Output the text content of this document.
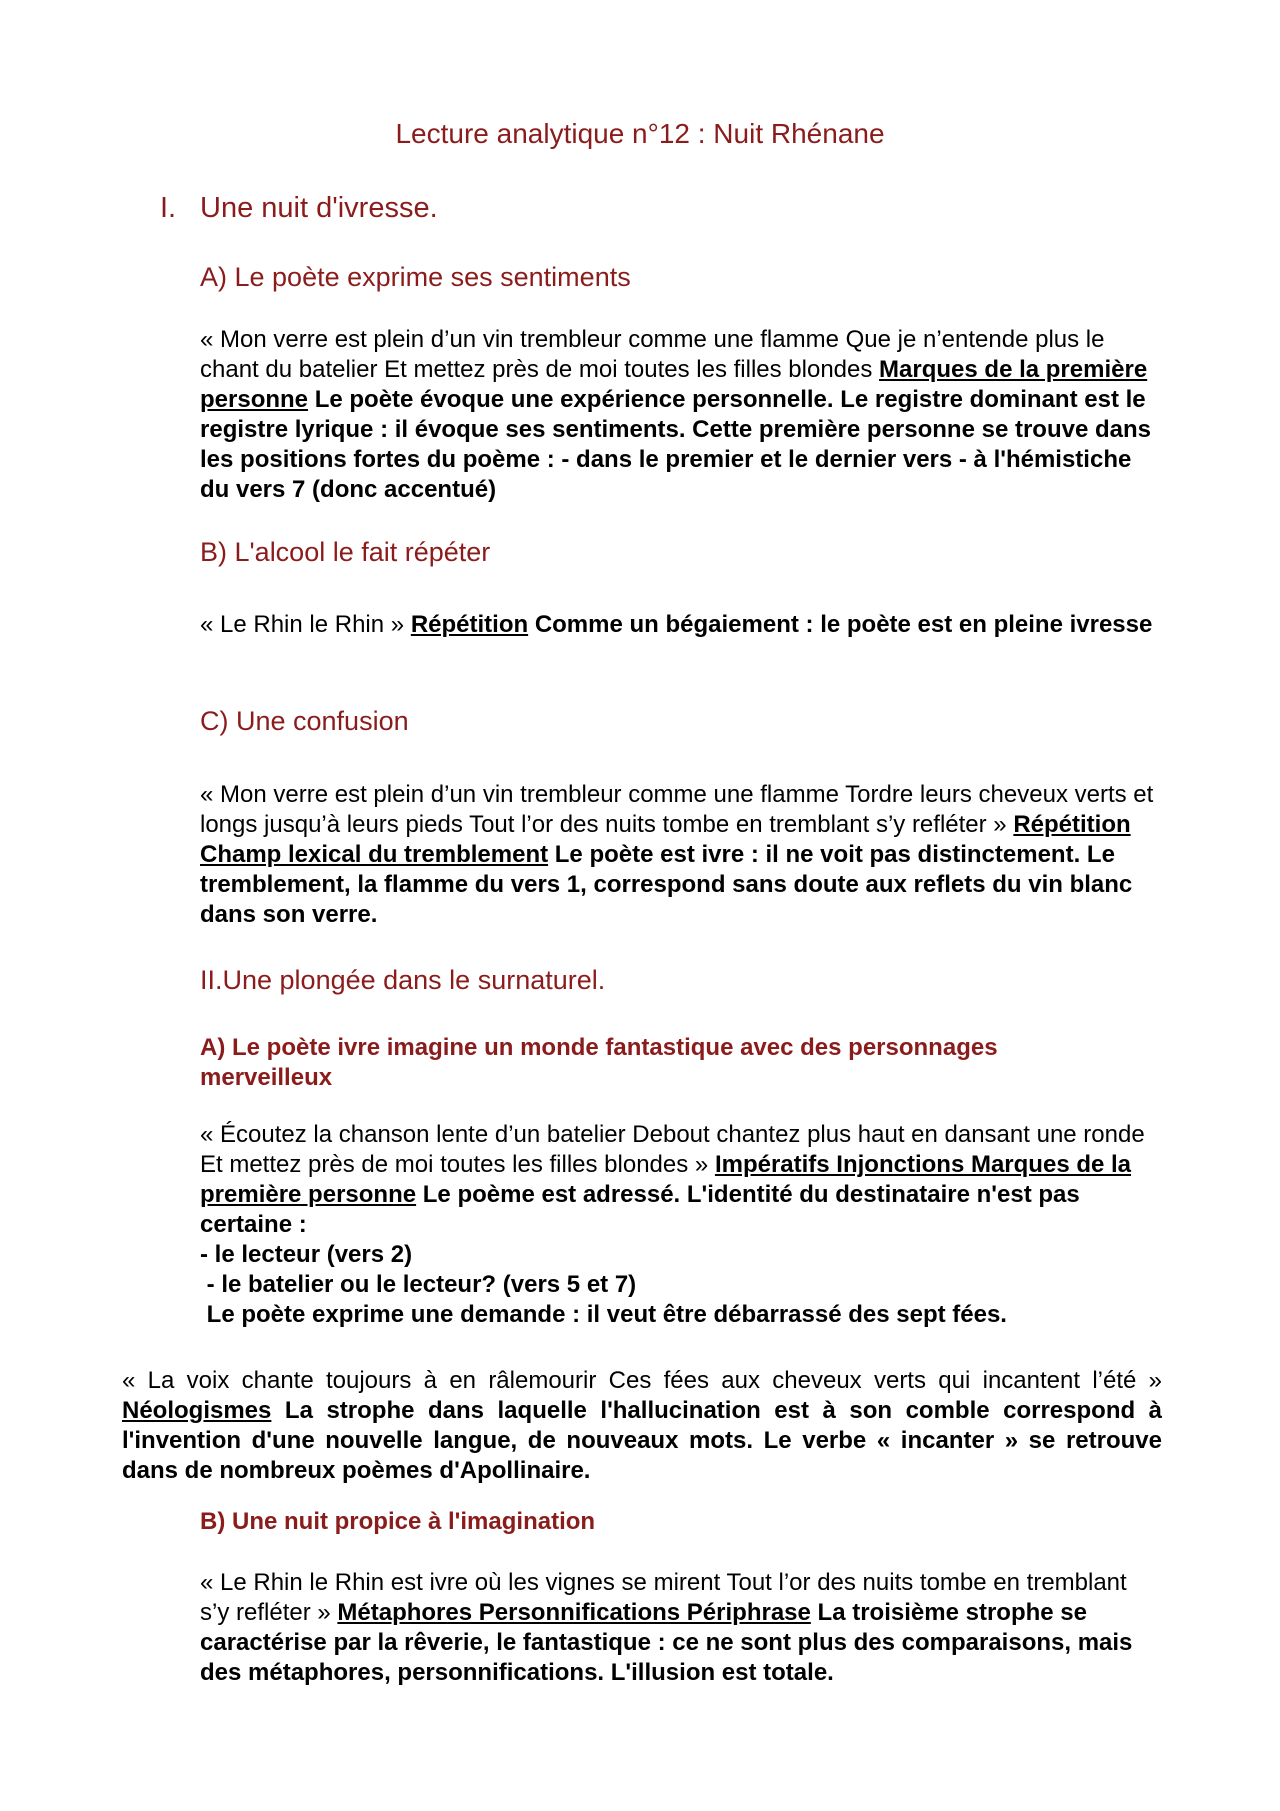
Lecture analytique n°12 : Nuit Rhénane
I. Une nuit d'ivresse.
A) Le poète exprime ses sentiments
« Mon verre est plein d’un vin trembleur comme une flamme Que je n’entende plus le chant du batelier Et mettez près de moi toutes les filles blondes Marques de la première personne Le poète évoque une expérience personnelle. Le registre dominant est le registre lyrique : il évoque ses sentiments. Cette première personne se trouve dans les positions fortes du poème : - dans le premier et le dernier vers - à l'hémistiche du vers 7 (donc accentué)
B) L'alcool le fait répéter
« Le Rhin le Rhin » Répétition Comme un bégaiement : le poète est en pleine ivresse
C) Une confusion
« Mon verre est plein d’un vin trembleur comme une flamme Tordre leurs cheveux verts et longs jusqu’à leurs pieds Tout l’or des nuits tombe en tremblant s’y refléter » Répétition Champ lexical du tremblement Le poète est ivre : il ne voit pas distinctement. Le tremblement, la flamme du vers 1, correspond sans doute aux reflets du vin blanc dans son verre.
II.Une plongée dans le surnaturel.
A) Le poète ivre imagine un monde fantastique avec des personnages merveilleux
« Écoutez la chanson lente d’un batelier Debout chantez plus haut en dansant une ronde Et mettez près de moi toutes les filles blondes » Impératifs Injonctions Marques de la première personne Le poème est adressé. L'identité du destinataire n'est pas certaine :
- le lecteur (vers 2)
- le batelier ou le lecteur? (vers 5 et 7)
Le poète exprime une demande : il veut être débarrassé des sept fées.
« La voix chante toujours à en râlemourir Ces fées aux cheveux verts qui incantent l’été » Néologismes La strophe dans laquelle l'hallucination est à son comble correspond à l'invention d'une nouvelle langue, de nouveaux mots. Le verbe « incanter » se retrouve dans de nombreux poèmes d'Apollinaire.
B) Une nuit propice à l'imagination
« Le Rhin le Rhin est ivre où les vignes se mirent Tout l’or des nuits tombe en tremblant s’y refléter » Métaphores Personnifications Périphrase La troisième strophe se caractérise par la rêverie, le fantastique : ce ne sont plus des comparaisons, mais des métaphores, personnifications. L'illusion est totale.
